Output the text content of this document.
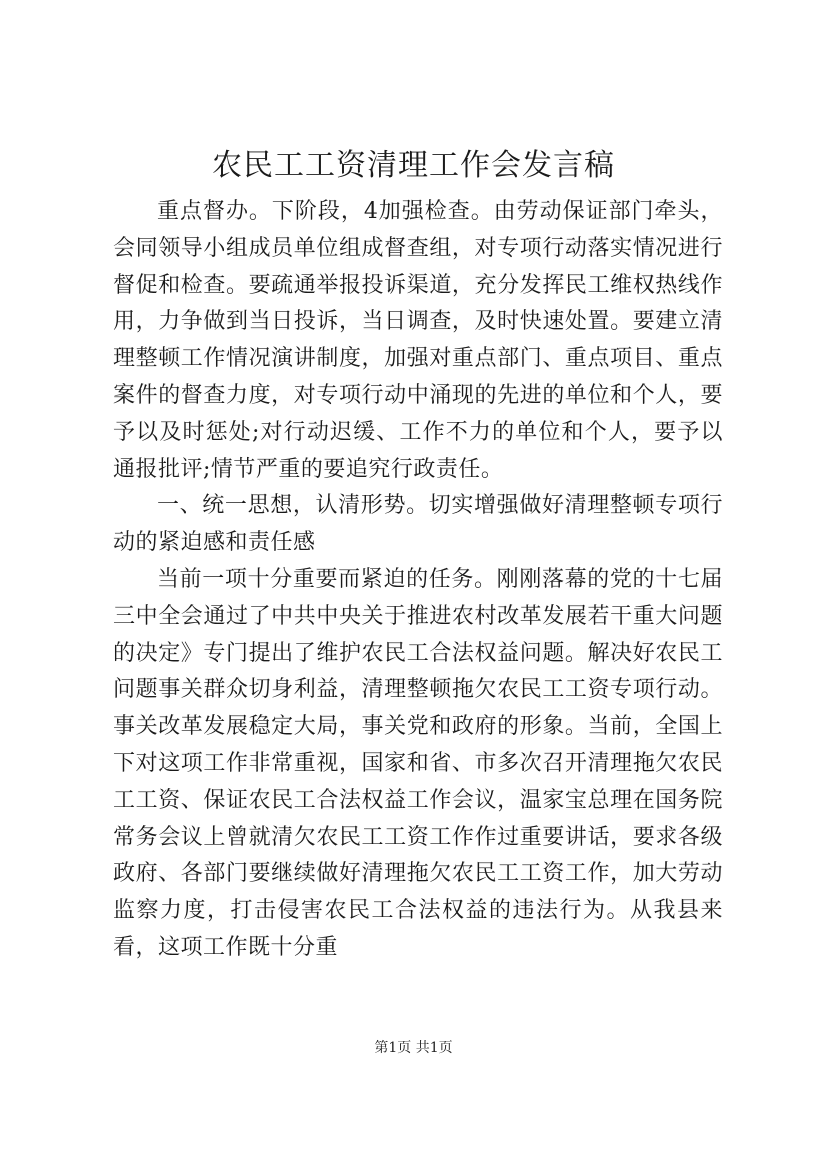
农民工工资清理工作会发言稿

重点督办。下阶段，4加强检查。由劳动保证部门牵头，会同领导小组成员单位组成督查组，对专项行动落实情况进行督促和检查。要疏通举报投诉渠道，充分发挥民工维权热线作用，力争做到当日投诉，当日调查，及时快速处置。要建立清理整顿工作情况演讲制度，加强对重点部门、重点项目、重点案件的督查力度，对专项行动中涌现的先进的单位和个人，要予以及时惩处;对行动迟缓、工作不力的单位和个人，要予以通报批评;情节严重的要追究行政责任。

一、统一思想，认清形势。切实增强做好清理整顿专项行动的紧迫感和责任感

当前一项十分重要而紧迫的任务。刚刚落幕的党的十七届三中全会通过了中共中央关于推进农村改革发展若干重大问题的决定》专门提出了维护农民工合法权益问题。解决好农民工问题事关群众切身利益，清理整顿拖欠农民工工资专项行动。事关改革发展稳定大局，事关党和政府的形象。当前，全国上下对这项工作非常重视，国家和省、市多次召开清理拖欠农民工工资、保证农民工合法权益工作会议，温家宝总理在国务院常务会议上曾就清欠农民工工资工作作过重要讲话，要求各级政府、各部门要继续做好清理拖欠农民工工资工作，加大劳动监察力度，打击侵害农民工合法权益的违法行为。从我县来看，这项工作既十分重

第1页 共1页
